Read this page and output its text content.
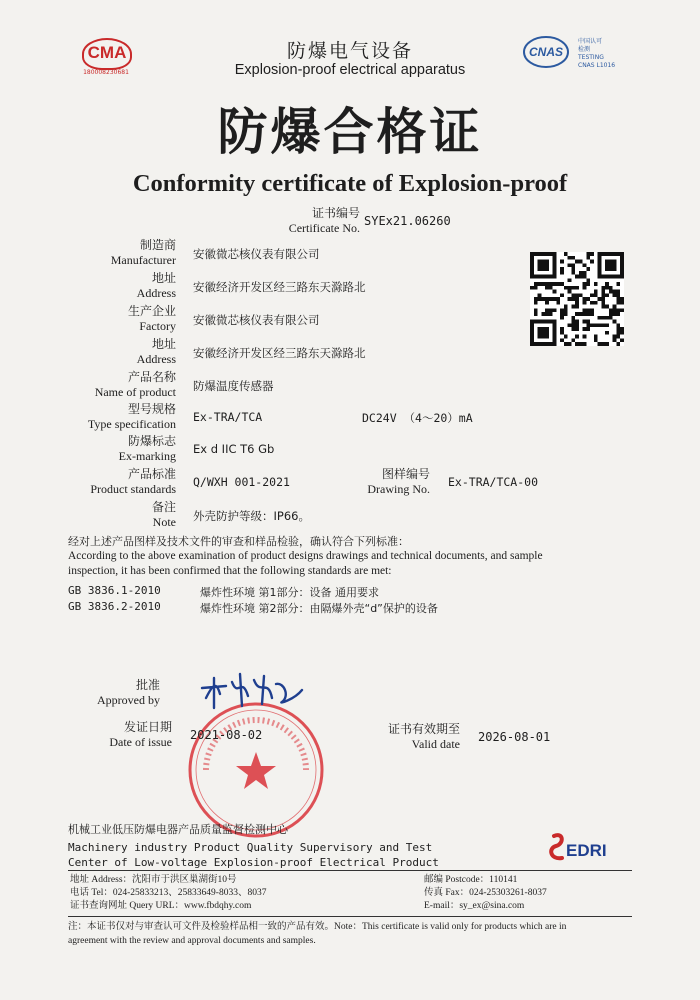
CMA
180008230681
CNAS
中国认可
检测
TESTING
CNAS L1016
防爆电气设备
Explosion-proof electrical apparatus
防爆合格证
Conformity certificate of Explosion-proof
证书编号
Certificate No. SYEx21.06260
制造商
Manufacturer 安徽微芯核仪表有限公司
地址
Address 安徽经济开发区经三路东天滁路北
生产企业
Factory 安徽微芯核仪表有限公司
地址
Address 安徽经济开发区经三路东天滁路北
产品名称
Name of product 防爆温度传感器
型号规格
Type specification Ex-TRA/TCA	DC24V （4～20）mA
防爆标志
Ex-marking Ex d IIC T6 Gb
产品标准
Product standards Q/WXH 001-2021
图样编号
Drawing No. Ex-TRA/TCA-00
备注
Note 外壳防护等级：IP66。
经对上述产品图样及技术文件的审查和样品检验，确认符合下列标准：
According to the above examination of product designs drawings and technical documents, and sample
inspection, it has been confirmed that the following standards are met:
GB 3836.1-2010	爆炸性环境 第1部分：设备 通用要求
GB 3836.2-2010	爆炸性环境 第2部分：由隔爆外壳“d”保护的设备
批准
Approved by
发证日期
Date of issue 2021-08-02	证书有效期至
Valid date 2026-08-01
机械工业低压防爆电器产品质量监督检测中心
Machinery industry Product Quality Supervisory and Test
Center of Low-voltage Explosion-proof Electrical Product
EDRI
地址 Address：沈阳市于洪区巢湖街10号
电话 Tel：024-25833213、25833649-8033、8037
证书查询网址 Query URL：www.fbdqhy.com
邮编 Postcode：110141
传真 Fax：024-25303261-8037
E-mail：sy_ex@sina.com
注：本证书仅对与审查认可文件及检验样品相一致的产品有效。Note：This certificate is valid only for products which are in
agreement with the review and approval documents and samples.
